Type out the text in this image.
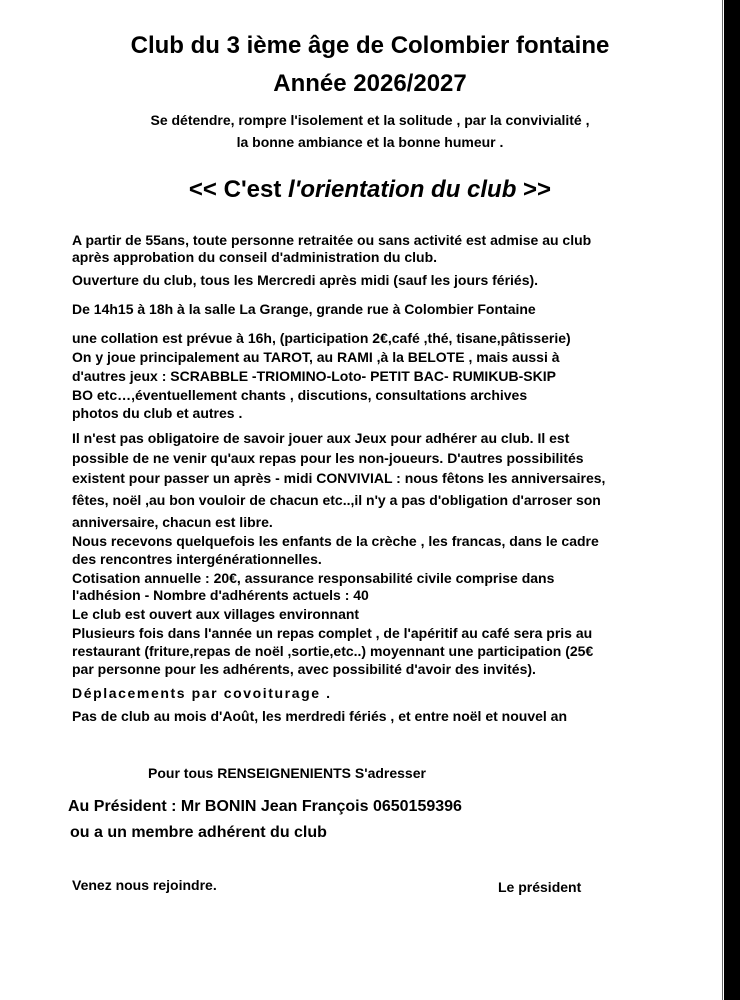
Club du 3 ième âge de Colombier fontaine
Année 2026/2027
Se détendre, rompre l'isolement et la solitude , par la convivialité ,
la bonne ambiance et la bonne humeur .
<< C'est l'orientation du club >>
A partir de 55ans, toute personne retraitée ou sans activité est admise au club
après approbation du conseil d'administration du club.
Ouverture du club, tous les Mercredi après midi (sauf les jours fériés).
De 14h15 à 18h à la salle La Grange, grande rue à Colombier Fontaine
une collation est prévue à 16h, (participation 2€,café ,thé, tisane,pâtisserie)
On y joue principalement au TAROT, au RAMI ,à la BELOTE , mais aussi à
d'autres jeux : SCRABBLE -TRIOMINO-Loto- PETIT BAC- RUMIKUB-SKIP
BO etc…,éventuellement chants , discutions, consultations archives
photos du club et autres .
Il n'est pas obligatoire de savoir jouer aux Jeux pour adhérer au club. Il est
possible de ne venir qu'aux repas pour les non-joueurs. D'autres possibilités
existent pour passer un après - midi CONVIVIAL : nous fêtons les anniversaires,
fêtes, noël ,au bon vouloir de chacun etc..,il n'y a pas d'obligation d'arroser son
anniversaire, chacun est libre.
Nous recevons quelquefois les enfants de la crèche , les francas, dans le cadre
des rencontres intergénérationnelles.
Cotisation annuelle : 20€, assurance responsabilité civile comprise dans
l'adhésion - Nombre d'adhérents actuels : 40
Le club est ouvert aux villages environnant
Plusieurs fois dans l'année un repas complet , de l'apéritif au café sera pris au
restaurant (friture,repas de noël ,sortie,etc..) moyennant une participation (25€
par personne pour les adhérents, avec possibilité d'avoir des invités).
Déplacements par covoiturage .
Pas de club au mois d'Août, les merdredi fériés , et entre noël et nouvel an
Pour tous RENSEIGNENIENTS S'adresser
Au Président : Mr BONIN Jean François 0650159396
ou a un membre adhérent du club
Venez nous rejoindre.	Le président
